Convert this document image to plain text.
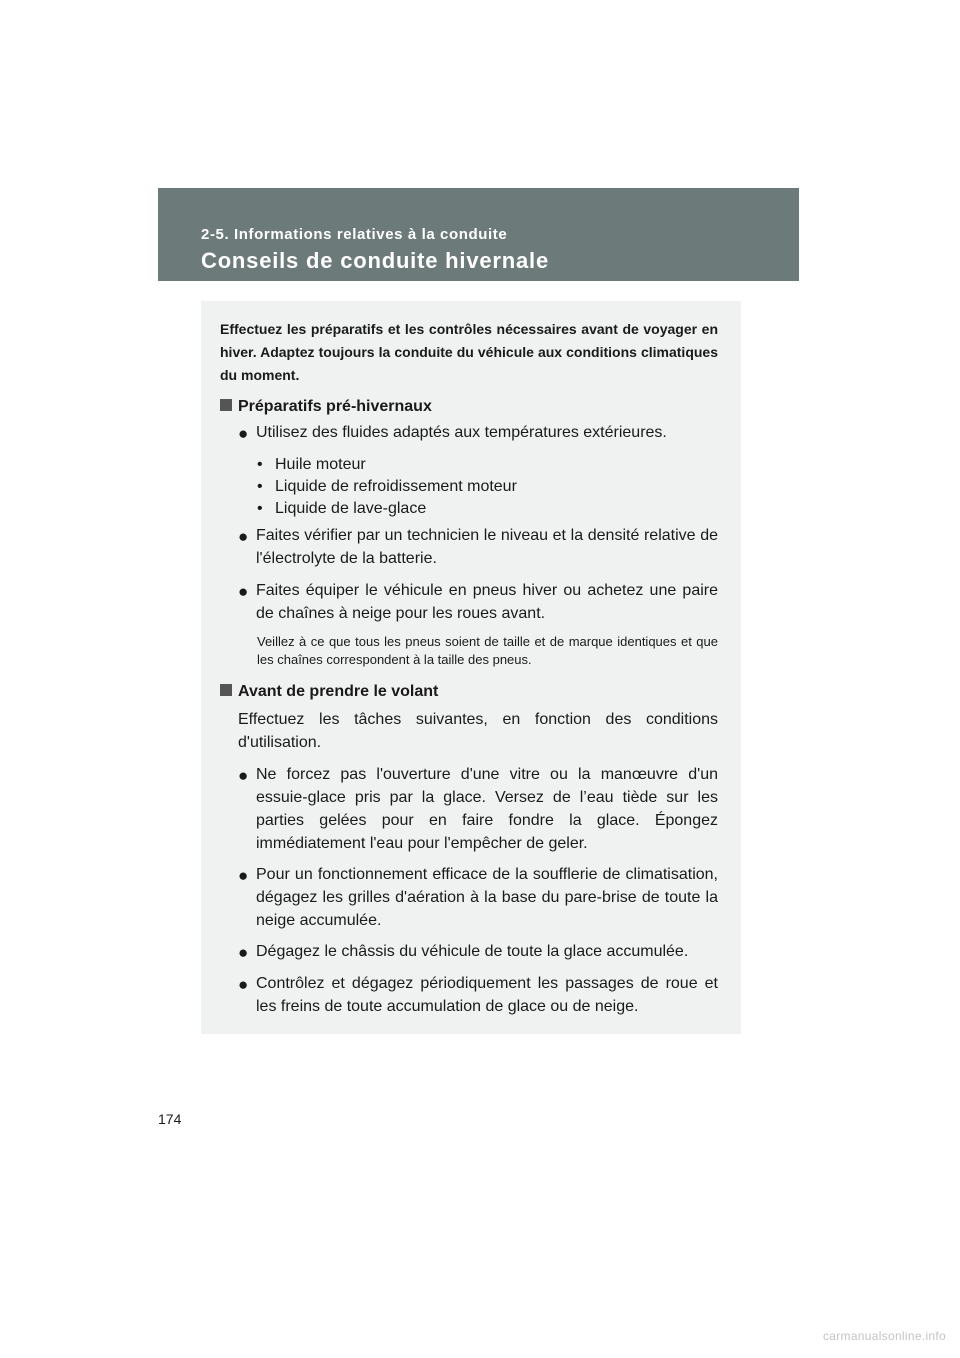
2-5. Informations relatives à la conduite
Conseils de conduite hivernale
Effectuez les préparatifs et les contrôles nécessaires avant de voyager en hiver. Adaptez toujours la conduite du véhicule aux conditions climatiques du moment.
Préparatifs pré-hivernaux
● Utilisez des fluides adaptés aux températures extérieures.
• Huile moteur
• Liquide de refroidissement moteur
• Liquide de lave-glace
● Faites vérifier par un technicien le niveau et la densité relative de l'électrolyte de la batterie.
● Faites équiper le véhicule en pneus hiver ou achetez une paire de chaînes à neige pour les roues avant.
Veillez à ce que tous les pneus soient de taille et de marque identiques et que les chaînes correspondent à la taille des pneus.
Avant de prendre le volant
Effectuez les tâches suivantes, en fonction des conditions d'utilisation.
● Ne forcez pas l'ouverture d'une vitre ou la manœuvre d'un essuie-glace pris par la glace. Versez de l’eau tiède sur les parties gelées pour en faire fondre la glace. Épongez immédiatement l'eau pour l'empêcher de geler.
● Pour un fonctionnement efficace de la soufflerie de climatisation, dégagez les grilles d'aération à la base du pare-brise de toute la neige accumulée.
● Dégagez le châssis du véhicule de toute la glace accumulée.
● Contrôlez et dégagez périodiquement les passages de roue et les freins de toute accumulation de glace ou de neige.
174
carmanualsonline.info
